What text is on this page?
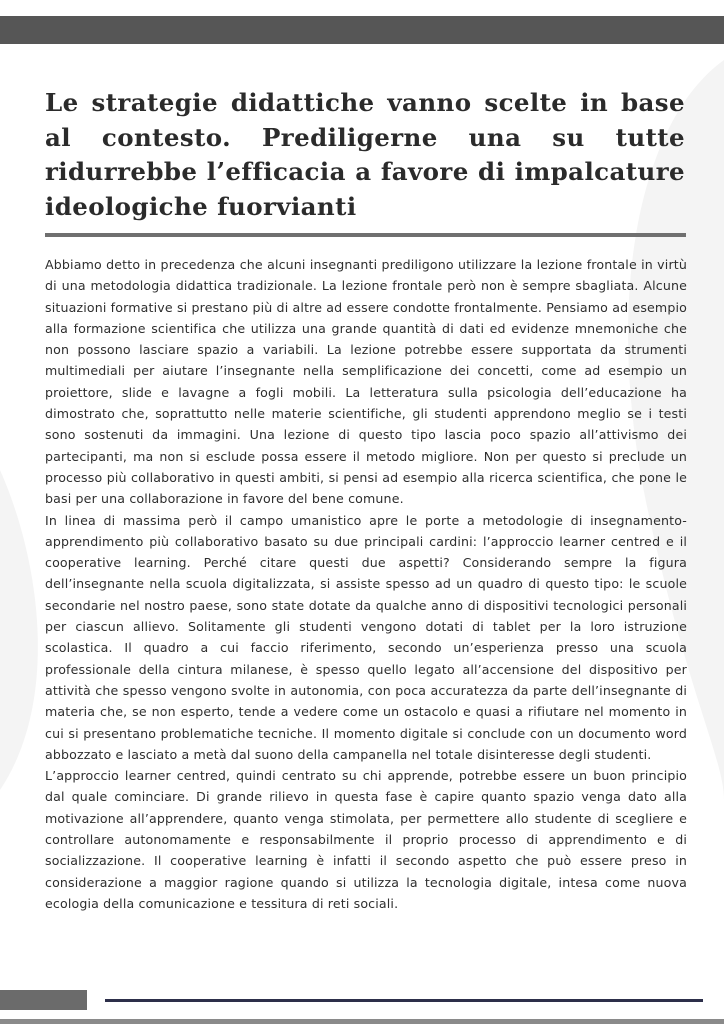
Le strategie didattiche vanno scelte in base al contesto. Prediligerne una su tutte ridurrebbe l’efficacia a favore di impalcature ideologiche fuorvianti

Abbiamo detto in precedenza che alcuni insegnanti prediligono utilizzare la lezione frontale in virtù di una metodologia didattica tradizionale. La lezione frontale però non è sempre sbagliata. Alcune situazioni formative si prestano più di altre ad essere condotte frontalmente. Pensiamo ad esempio alla formazione scientifica che utilizza una grande quantità di dati ed evidenze mnemoniche che non possono lasciare spazio a variabili. La lezione potrebbe essere supportata da strumenti multimediali per aiutare l’insegnante nella semplificazione dei concetti, come ad esempio un proiettore, slide e lavagne a fogli mobili. La letteratura sulla psicologia dell’educazione ha dimostrato che, soprattutto nelle materie scientifiche, gli studenti apprendono meglio se i testi sono sostenuti da immagini. Una lezione di questo tipo lascia poco spazio all’attivismo dei partecipanti, ma non si esclude possa essere il metodo migliore. Non per questo si preclude un processo più collaborativo in questi ambiti, si pensi ad esempio alla ricerca scientifica, che pone le basi per una collaborazione in favore del bene comune.

In linea di massima però il campo umanistico apre le porte a metodologie di insegnamento-apprendimento più collaborativo basato su due principali cardini: l’approccio learner centred e il cooperative learning. Perché citare questi due aspetti? Considerando sempre la figura dell’insegnante nella scuola digitalizzata, si assiste spesso ad un quadro di questo tipo: le scuole secondarie nel nostro paese, sono state dotate da qualche anno di dispositivi tecnologici personali per ciascun allievo. Solitamente gli studenti vengono dotati di tablet per la loro istruzione scolastica. Il quadro a cui faccio riferimento, secondo un’esperienza presso una scuola professionale della cintura milanese, è spesso quello legato all’accensione del dispositivo per attività che spesso vengono svolte in autonomia, con poca accuratezza da parte dell’insegnante di materia che, se non esperto, tende a vedere come un ostacolo e quasi a rifiutare nel momento in cui si presentano problematiche tecniche. Il momento digitale si conclude con un documento word abbozzato e lasciato a metà dal suono della campanella nel totale disinteresse degli studenti.

L’approccio learner centred, quindi centrato su chi apprende, potrebbe essere un buon principio dal quale cominciare. Di grande rilievo in questa fase è capire quanto spazio venga dato alla motivazione all’apprendere, quanto venga stimolata, per permettere allo studente di scegliere e controllare autonomamente e responsabilmente il proprio processo di apprendimento e di socializzazione. Il cooperative learning è infatti il secondo aspetto che può essere preso in considerazione a maggior ragione quando si utilizza la tecnologia digitale, intesa come nuova ecologia della comunicazione e tessitura di reti sociali.
